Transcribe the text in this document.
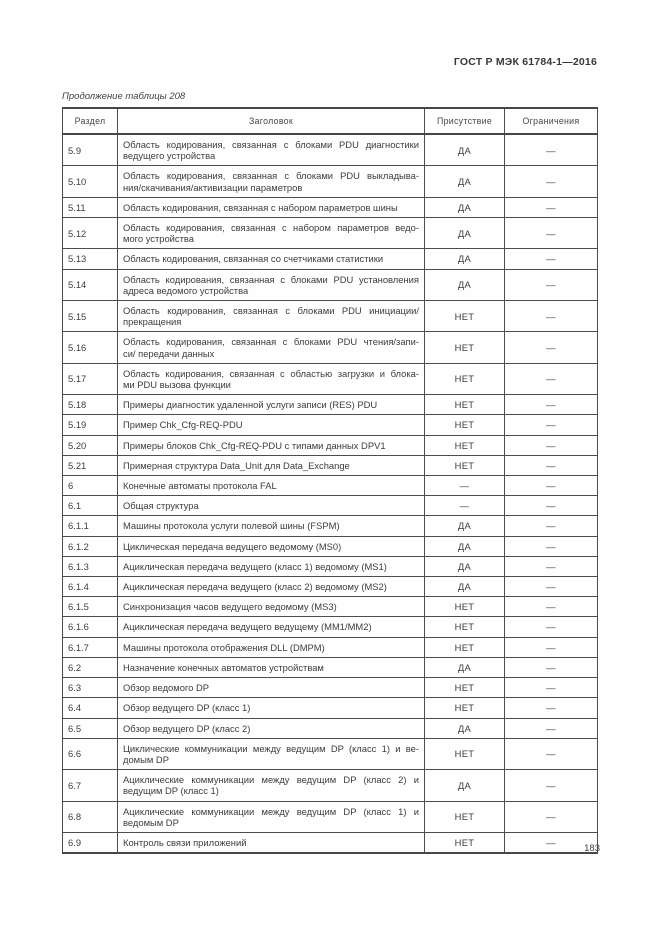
ГОСТ Р МЭК 61784-1—2016
Продолжение таблицы 208
Раздел	Заголовок	Присутствие	Ограничения
5.9	Область кодирования, связанная с блоками PDU диагностики
ведущего устройства	ДА	—
5.10	Область кодирования, связанная с блоками PDU выкладыва-
ния/скачивания/активизации параметров	ДА	—
5.11	Область кодирования, связанная с набором параметров шины	ДА	—
5.12	Область кодирования, связанная с набором параметров ведо-
мого устройства	ДА	—
5.13	Область кодирования, связанная со счетчиками статистики	ДА	—
5.14	Область кодирования, связанная с блоками PDU установления
адреса ведомого устройства	ДА	—
5.15	Область кодирования, связанная с блоками PDU инициации/
прекращения	НЕТ	—
5.16	Область кодирования, связанная с блоками PDU чтения/запи-
си/ передачи данных	НЕТ	—
5.17	Область кодирования, связанная с областью загрузки и блока-
ми PDU вызова функции	НЕТ	—
5.18	Примеры диагностик удаленной услуги записи (RES) PDU	НЕТ	—
5.19	Пример Chk_Cfg-REQ-PDU	НЕТ	—
5.20	Примеры блоков Chk_Cfg-REQ-PDU с типами данных DPV1	НЕТ	—
5.21	Примерная структура Data_Unit для Data_Exchange	НЕТ	—
6	Конечные автоматы протокола FAL	—	—
6.1	Общая структура	—	—
6.1.1	Машины протокола услуги полевой шины (FSPM)	ДА	—
6.1.2	Циклическая передача ведущего ведомому (MS0)	ДА	—
6.1.3	Ациклическая передача ведущего (класс 1) ведомому (MS1)	ДА	—
6.1.4	Ациклическая передача ведущего (класс 2) ведомому (MS2)	ДА	—
6.1.5	Синхронизация часов ведущего ведомому (MS3)	НЕТ	—
6.1.6	Ациклическая передача ведущего ведущему (MM1/MM2)	НЕТ	—
6.1.7	Машины протокола отображения DLL (DMPM)	НЕТ	—
6.2	Назначение конечных автоматов устройствам	ДА	—
6.3	Обзор ведомого DP	НЕТ	—
6.4	Обзор ведущего DP (класс 1)	НЕТ	—
6.5	Обзор ведущего DP (класс 2)	ДА	—
6.6	Циклические коммуникации между ведущим DP (класс 1) и ве-
домым DP	НЕТ	—
6.7	Ациклические коммуникации между ведущим DP (класс 2) и
ведущим DP (класс 1)	ДА	—
6.8	Ациклические коммуникации между ведущим DP (класс 1) и
ведомым DP	НЕТ	—
6.9	Контроль связи приложений	НЕТ	—
183
